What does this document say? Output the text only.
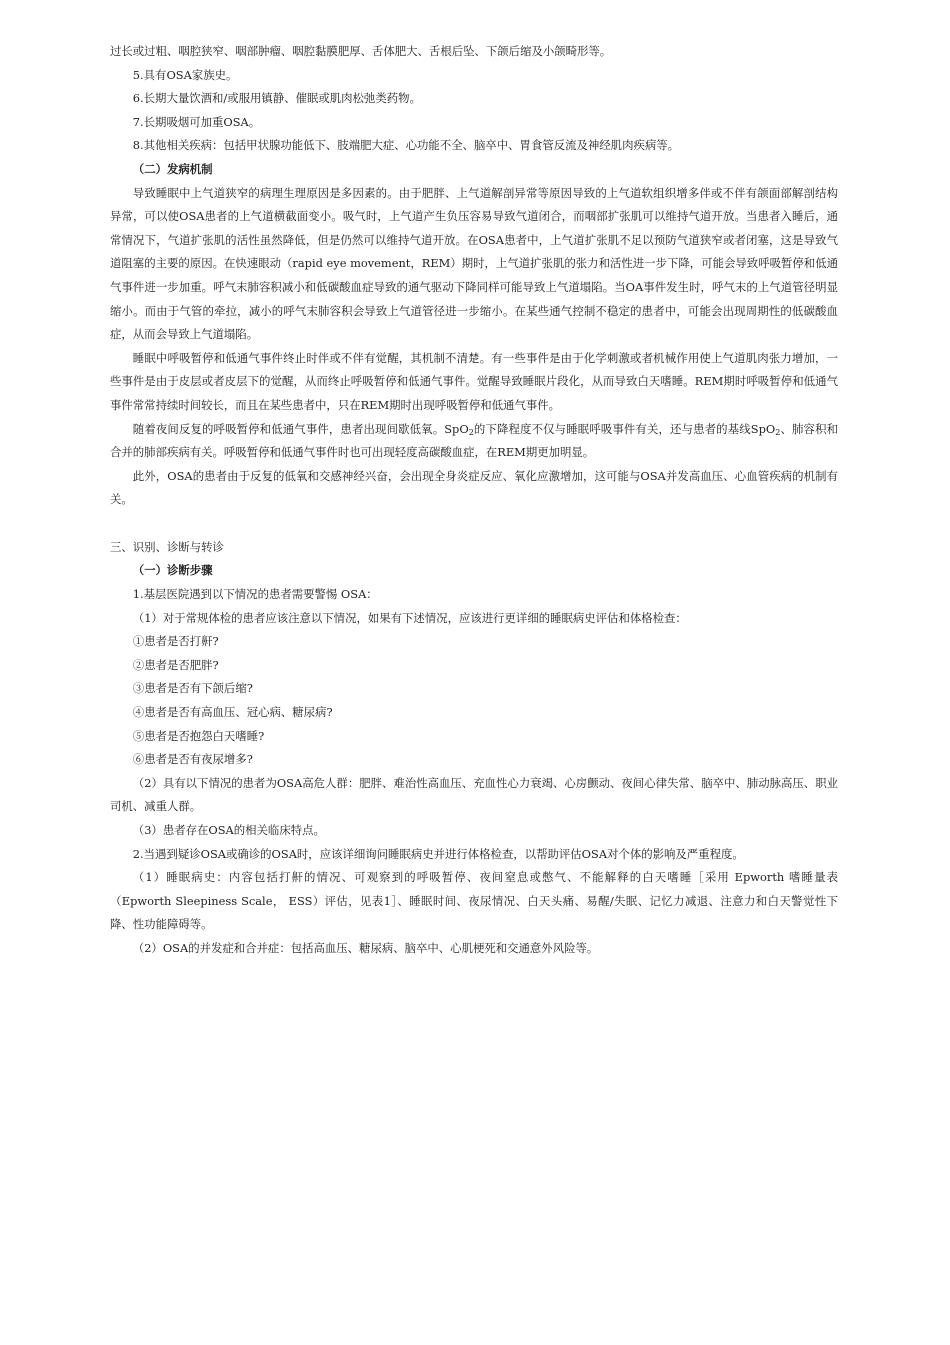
过长或过粗、咽腔狭窄、咽部肿瘤、咽腔黏膜肥厚、舌体肥大、舌根后坠、下颌后缩及小颌畸形等。

5.具有OSA家族史。

6.长期大量饮酒和/或服用镇静、催眠或肌肉松弛类药物。

7.长期吸烟可加重OSA。

8.其他相关疾病：包括甲状腺功能低下、肢端肥大症、心功能不全、脑卒中、胃食管反流及神经肌肉疾病等。

（二）发病机制

导致睡眠中上气道狭窄的病理生理原因是多因素的。由于肥胖、上气道解剖异常等原因导致的上气道软组织增多伴或不伴有颌面部解剖结构异常，可以使OSA患者的上气道横截面变小。吸气时，上气道产生负压容易导致气道闭合，而咽部扩张肌可以维持气道开放。当患者入睡后，通常情况下，气道扩张肌的活性虽然降低，但是仍然可以维持气道开放。在OSA患者中，上气道扩张肌不足以预防气道狭窄或者闭塞，这是导致气道阻塞的主要的原因。在快速眼动（rapid eye movement，REM）期时，上气道扩张肌的张力和活性进一步下降，可能会导致呼吸暂停和低通气事件进一步加重。呼气末肺容积减小和低碳酸血症导致的通气驱动下降同样可能导致上气道塌陷。当OA事件发生时，呼气末的上气道管径明显缩小。而由于气管的牵拉，减小的呼气末肺容积会导致上气道管径进一步缩小。在某些通气控制不稳定的患者中，可能会出现周期性的低碳酸血症，从而会导致上气道塌陷。

睡眠中呼吸暂停和低通气事件终止时伴或不伴有觉醒，其机制不清楚。有一些事件是由于化学刺激或者机械作用使上气道肌肉张力增加，一些事件是由于皮层或者皮层下的觉醒，从而终止呼吸暂停和低通气事件。觉醒导致睡眠片段化，从而导致白天嗜睡。REM期时呼吸暂停和低通气事件常常持续时间较长，而且在某些患者中，只在REM期时出现呼吸暂停和低通气事件。

随着夜间反复的呼吸暂停和低通气事件，患者出现间歇低氧。SpO$_2$的下降程度不仅与睡眠呼吸事件有关，还与患者的基线SpO$_2$、肺容积和合并的肺部疾病有关。呼吸暂停和低通气事件时也可出现轻度高碳酸血症，在REM期更加明显。

此外，OSA的患者由于反复的低氧和交感神经兴奋，会出现全身炎症反应、氧化应激增加，这可能与OSA并发高血压、心血管疾病的机制有关。

三、识别、诊断与转诊

（一）诊断步骤

1.基层医院遇到以下情况的患者需要警惕 OSA：

（1）对于常规体检的患者应该注意以下情况，如果有下述情况，应该进行更详细的睡眠病史评估和体格检查：

①患者是否打鼾?

②患者是否肥胖?

③患者是否有下颌后缩?

④患者是否有高血压、冠心病、糖尿病?

⑤患者是否抱怨白天嗜睡?

⑥患者是否有夜尿增多?

（2）具有以下情况的患者为OSA高危人群：肥胖、难治性高血压、充血性心力衰竭、心房颤动、夜间心律失常、脑卒中、肺动脉高压、职业司机、减重人群。

（3）患者存在OSA的相关临床特点。

2.当遇到疑诊OSA或确诊的OSA时，应该详细询问睡眠病史并进行体格检查，以帮助评估OSA对个体的影响及严重程度。

（1）睡眠病史：内容包括打鼾的情况、可观察到的呼吸暂停、夜间窒息或憋气、不能解释的白天嗜睡［采用 Epworth 嗜睡量表（Epworth Sleepiness Scale， ESS）评估，见表1］、睡眠时间、夜尿情况、白天头痛、易醒/失眠、记忆力减退、注意力和白天警觉性下降、性功能障碍等。

（2）OSA的并发症和合并症：包括高血压、糖尿病、脑卒中、心肌梗死和交通意外风险等。
